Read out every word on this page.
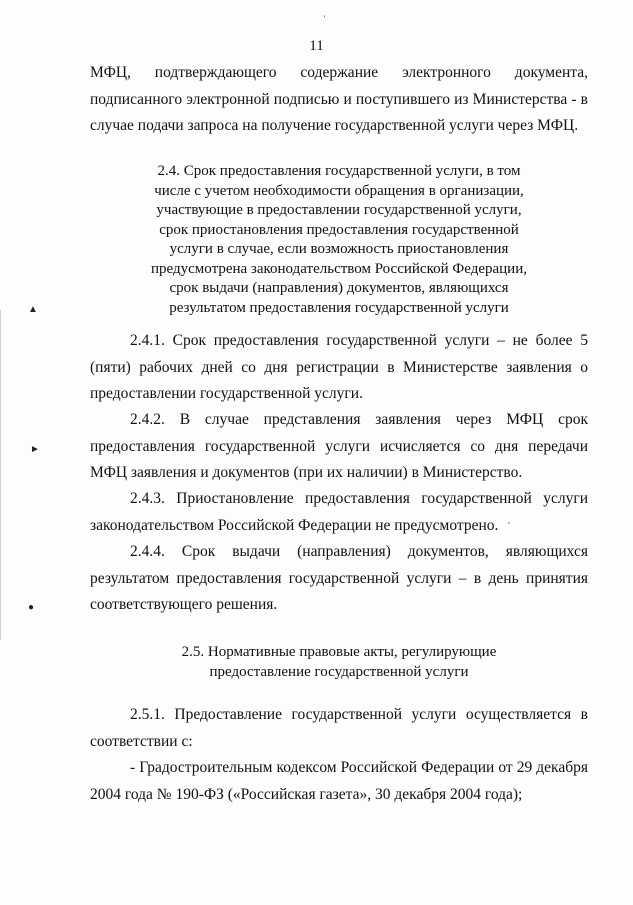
11
МФЦ, подтверждающего содержание электронного документа, подписанного электронной подписью и поступившего из Министерства - в случае подачи запроса на получение государственной услуги через МФЦ.
2.4. Срок предоставления государственной услуги, в том
числе с учетом необходимости обращения в организации,
участвующие в предоставлении государственной услуги,
срок приостановления предоставления государственной
услуги в случае, если возможность приостановления
предусмотрена законодательством Российской Федерации,
срок выдачи (направления) документов, являющихся
результатом предоставления государственной услуги
2.4.1. Срок предоставления государственной услуги – не более 5 (пяти) рабочих дней со дня регистрации в Министерстве заявления о предоставлении государственной услуги.
2.4.2. В случае представления заявления через МФЦ срок предоставления государственной услуги исчисляется со дня передачи МФЦ заявления и документов (при их наличии) в Министерство.
2.4.3. Приостановление предоставления государственной услуги законодательством Российской Федерации не предусмотрено.
2.4.4. Срок выдачи (направления) документов, являющихся результатом предоставления государственной услуги – в день принятия соответствующего решения.
2.5. Нормативные правовые акты, регулирующие
предоставление государственной услуги
2.5.1. Предоставление государственной услуги осуществляется в соответствии с:
- Градостроительным кодексом Российской Федерации от 29 декабря 2004 года № 190-ФЗ («Российская газета», 30 декабря 2004 года);
▲
►
●
,
'
